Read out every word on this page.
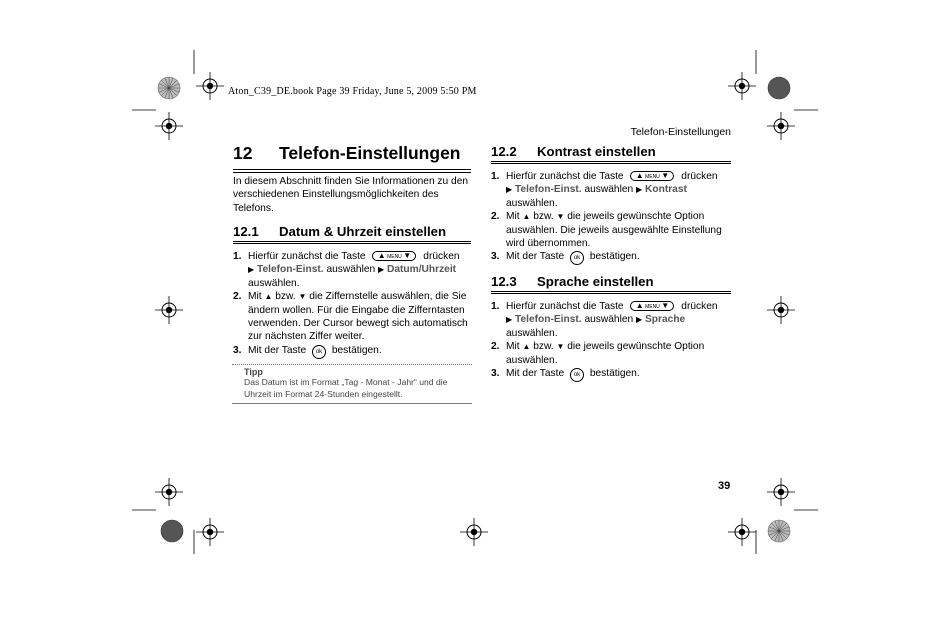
Aton_C39_DE.book Page 39 Friday, June 5, 2009 5:50 PM
Telefon-Einstellungen
12 Telefon-Einstellungen

In diesem Abschnitt finden Sie Informationen zu den verschiedenen Einstellungsmöglichkeiten des Telefons.

12.1 Datum & Uhrzeit einstellen
1. Hierfür zunächst die Taste ▲ MENU ▼ drücken
▶ Telefon-Einst. auswählen ▶ Datum/Uhrzeit
auswählen.
2. Mit ▲ bzw. ▼ die Ziffernstelle auswählen, die Sie ändern wollen. Für die Eingabe die Zifferntasten verwenden. Der Cursor bewegt sich automatisch zur nächsten Ziffer weiter.
3. Mit der Taste ok bestätigen.
Tipp
Das Datum ist im Format „Tag - Monat - Jahr“ und die Uhrzeit im Format 24-Stunden eingestellt.
12.2 Kontrast einstellen
1. Hierfür zunächst die Taste ▲ MENU ▼ drücken
▶ Telefon-Einst. auswählen ▶ Kontrast
auswählen.
2. Mit ▲ bzw. ▼ die jeweils gewünschte Option auswählen. Die jeweils ausgewählte Einstellung wird übernommen.
3. Mit der Taste ok bestätigen.
12.3 Sprache einstellen
1. Hierfür zunächst die Taste ▲ MENU ▼ drücken
▶ Telefon-Einst. auswählen ▶ Sprache
auswählen.
2. Mit ▲ bzw. ▼ die jeweils gewünschte Option auswählen.
3. Mit der Taste ok bestätigen.
39
